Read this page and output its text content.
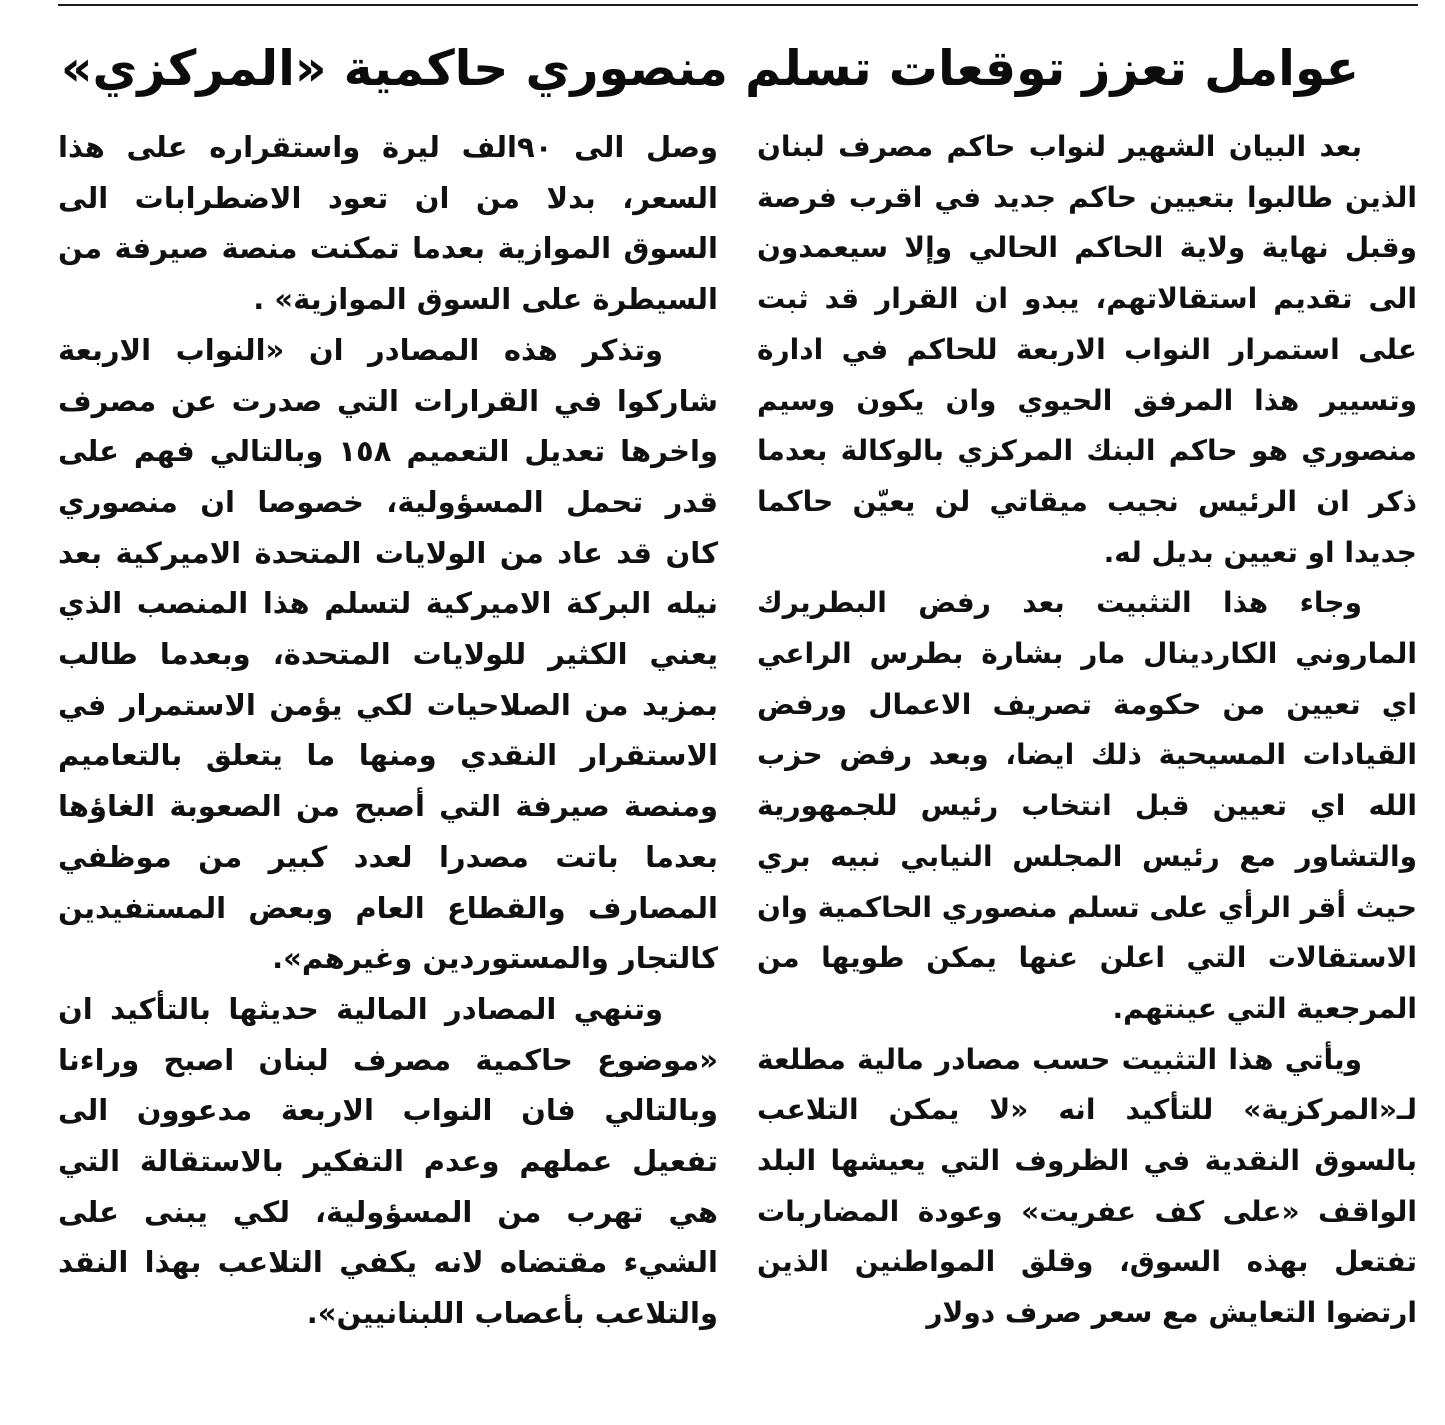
عوامل تعزز توقعات تسلم منصوري حاكمية «المركزي»

بعد البيان الشهير لنواب حاكم مصرف لبنان الذين طالبوا بتعيين حاكم جديد في اقرب فرصة وقبل نهاية ولاية الحاكم الحالي وإلا سيعمدون الى تقديم استقالاتهم، يبدو ان القرار قد ثبت على استمرار النواب الاربعة للحاكم في ادارة وتسيير هذا المرفق الحيوي وان يكون وسيم منصوري هو حاكم البنك المركزي بالوكالة بعدما ذكر ان الرئيس نجيب ميقاتي لن يعيّن حاكما جديدا او تعيين بديل له.

وجاء هذا التثبيت بعد رفض البطريرك الماروني الكاردينال مار بشارة بطرس الراعي اي تعيين من حكومة تصريف الاعمال ورفض القيادات المسيحية ذلك ايضا، وبعد رفض حزب الله اي تعيين قبل انتخاب رئيس للجمهورية والتشاور مع رئيس المجلس النيابي نبيه بري حيث أقر الرأي على تسلم منصوري الحاكمية وان الاستقالات التي اعلن عنها يمكن طويها من المرجعية التي عينتهم.

ويأتي هذا التثبيت حسب مصادر مالية مطلعة لـ«المركزية» للتأكيد انه «لا يمكن التلاعب بالسوق النقدية في الظروف التي يعيشها البلد الواقف «على كف عفريت» وعودة المضاربات تفتعل بهذه السوق، وقلق المواطنين الذين ارتضوا التعايش مع سعر صرف دولار

وصل الى ٩٠الف ليرة واستقراره على هذا السعر، بدلا من ان تعود الاضطرابات الى السوق الموازية بعدما تمكنت منصة صيرفة من السيطرة على السوق الموازية» .

وتذكر هذه المصادر ان «النواب الاربعة شاركوا في القرارات التي صدرت عن مصرف واخرها تعديل التعميم ١٥٨ وبالتالي فهم على قدر تحمل المسؤولية، خصوصا ان منصوري كان قد عاد من الولايات المتحدة الاميركية بعد نيله البركة الاميركية لتسلم هذا المنصب الذي يعني الكثير للولايات المتحدة، وبعدما طالب بمزيد من الصلاحيات لكي يؤمن الاستمرار في الاستقرار النقدي ومنها ما يتعلق بالتعاميم ومنصة صيرفة التي أصبح من الصعوبة الغاؤها بعدما باتت مصدرا لعدد كبير من موظفي المصارف والقطاع العام وبعض المستفيدين كالتجار والمستوردين وغيرهم».

وتنهي المصادر المالية حديثها بالتأكيد ان «موضوع حاكمية مصرف لبنان اصبح وراءنا وبالتالي فان النواب الاربعة مدعوون الى تفعيل عملهم وعدم التفكير بالاستقالة التي هي تهرب من المسؤولية، لكي يبنى على الشيء مقتضاه لانه يكفي التلاعب بهذا النقد والتلاعب بأعصاب اللبنانيين».
